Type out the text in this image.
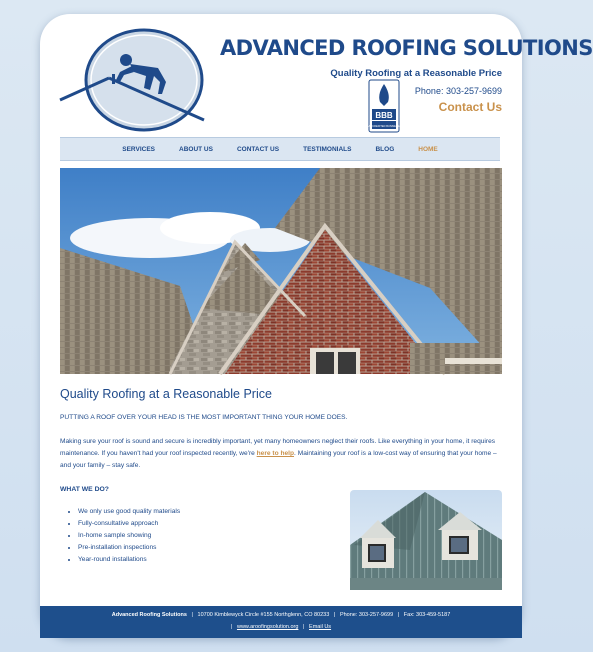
ADVANCED ROOFING SOLUTIONS
Quality Roofing at a Reasonable Price
BBB
ACCREDITED BUSINESS
Phone: 303-257-9699
Contact Us
SERVICES	ABOUT US	CONTACT US	TESTIMONIALS	BLOG	HOME
Quality Roofing at a Reasonable Price
PUTTING A ROOF OVER YOUR HEAD IS THE MOST IMPORTANT THING YOUR HOME DOES.
Making sure your roof is sound and secure is incredibly important, yet many homeowners neglect their roofs. Like everything in your home, it requires maintenance. If you haven't had your roof inspected recently, we're here to help. Maintaining your roof is a low-cost way of ensuring that your home – and your family – stay safe.
WHAT WE DO?
• We only use good quality materials
• Fully-consultative approach
• In-home sample showing
• Pre-installation inspections
• Year-round installations
Advanced Roofing Solutions | 10700 Kimblewyck Circle #155 Northglenn, CO 80233 | Phone: 303-257-9699 | Fax: 303-459-5187
| www.aroofingsolution.org | Email Us
